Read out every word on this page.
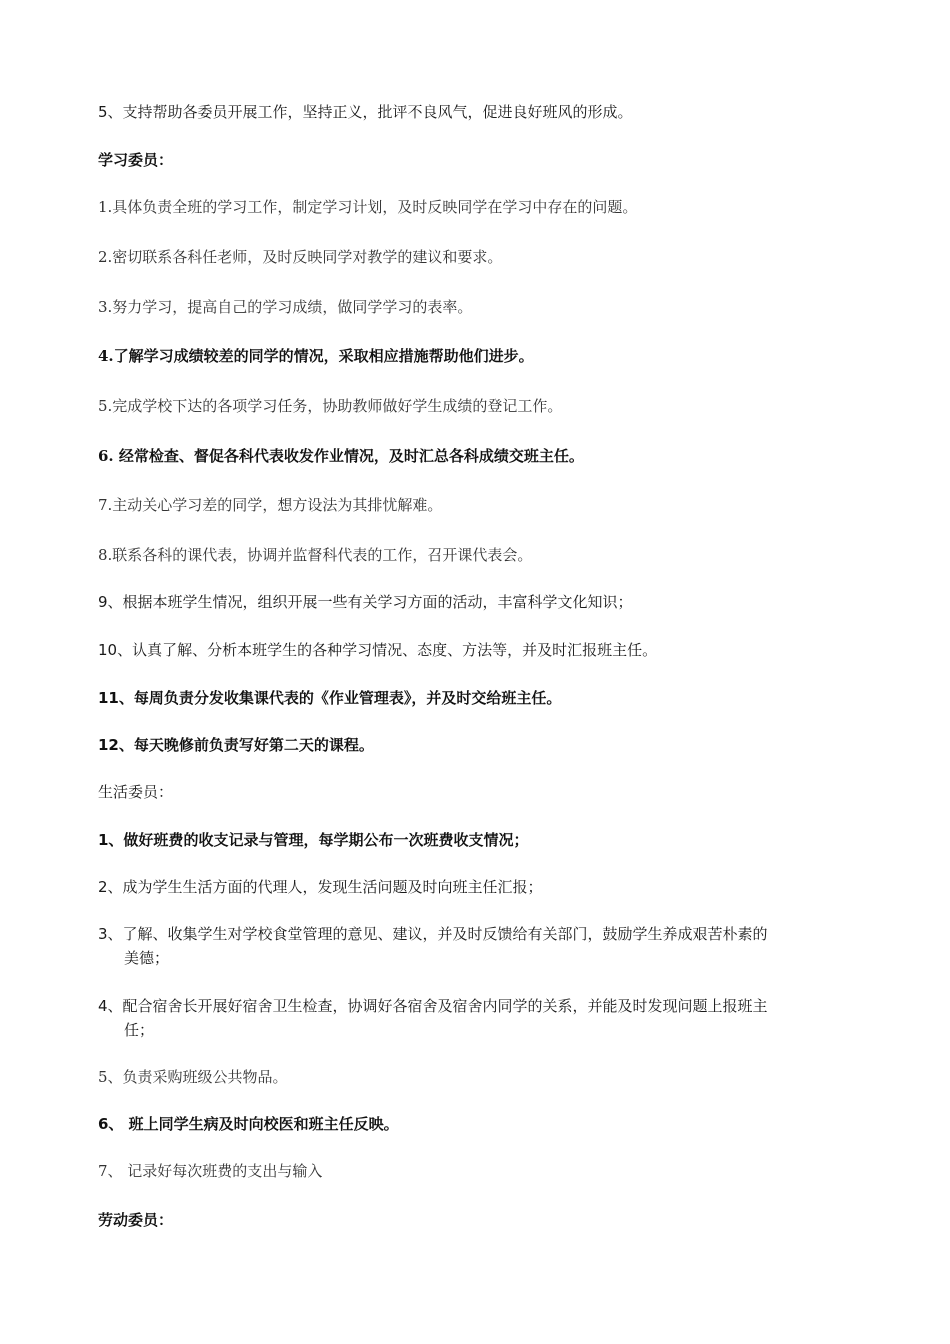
5、支持帮助各委员开展工作，坚持正义，批评不良风气，促进良好班风的形成。
学习委员：
1.具体负责全班的学习工作，制定学习计划，及时反映同学在学习中存在的问题。
2.密切联系各科任老师，及时反映同学对教学的建议和要求。
3.努力学习，提高自己的学习成绩，做同学学习的表率。
4.了解学习成绩较差的同学的情况，采取相应措施帮助他们进步。
5.完成学校下达的各项学习任务，协助教师做好学生成绩的登记工作。
6. 经常检查、督促各科代表收发作业情况，及时汇总各科成绩交班主任。
7.主动关心学习差的同学，想方设法为其排忧解难。
8.联系各科的课代表，协调并监督科代表的工作，召开课代表会。
9、根据本班学生情况，组织开展一些有关学习方面的活动，丰富科学文化知识；
10、认真了解、分析本班学生的各种学习情况、态度、方法等，并及时汇报班主任。
11、每周负责分发收集课代表的《作业管理表》，并及时交给班主任。
12、每天晚修前负责写好第二天的课程。
生活委员：
1、做好班费的收支记录与管理，每学期公布一次班费收支情况；
2、成为学生生活方面的代理人，发现生活问题及时向班主任汇报；
3、了解、收集学生对学校食堂管理的意见、建议，并及时反馈给有关部门，鼓励学生养成艰苦朴素的
美德；
4、配合宿舍长开展好宿舍卫生检查，协调好各宿舍及宿舍内同学的关系，并能及时发现问题上报班主
任；
5、负责采购班级公共物品。
6、 班上同学生病及时向校医和班主任反映。
7、 记录好每次班费的支出与输入
劳动委员：
